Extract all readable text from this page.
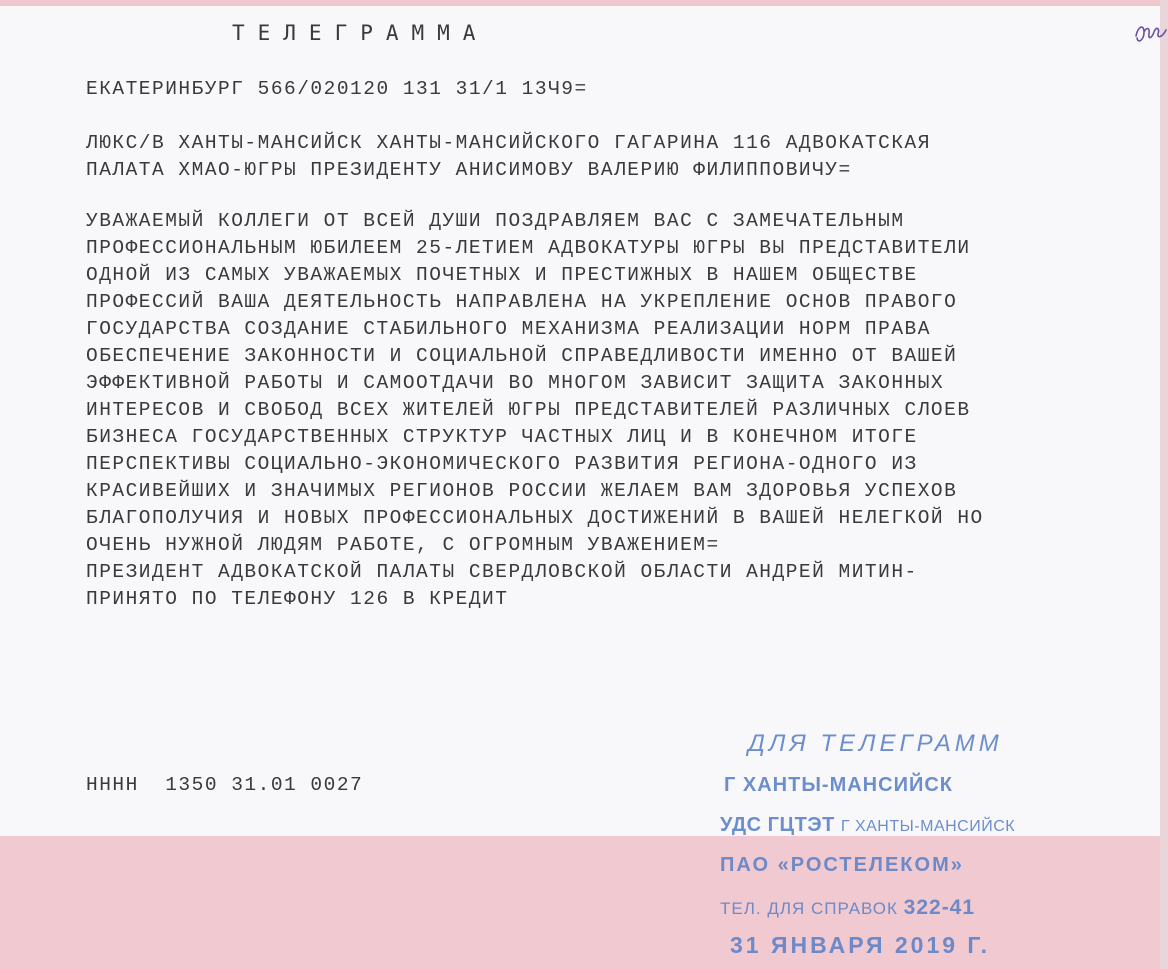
ТЕЛЕГРАММА
ЕКАТЕРИНБУРГ 566/020120 131 31/1 13Ч9=
ЛЮКС/В ХАНТЫ-МАНСИЙСК ХАНТЫ-МАНСИЙСКОГО ГАГАРИНА 116 АДВОКАТСКАЯ
ПАЛАТА ХМАО-ЮГРЫ ПРЕЗИДЕНТУ АНИСИМОВУ ВАЛЕРИЮ ФИЛИППОВИЧУ=
УВАЖАЕМЫЙ КОЛЛЕГИ ОТ ВСЕЙ ДУШИ ПОЗДРАВЛЯЕМ ВАС С ЗАМЕЧАТЕЛЬНЫМ
ПРОФЕССИОНАЛЬНЫМ ЮБИЛЕЕМ 25-ЛЕТИЕМ АДВОКАТУРЫ ЮГРЫ ВЫ ПРЕДСТАВИТЕЛИ
ОДНОЙ ИЗ САМЫХ УВАЖАЕМЫХ ПОЧЕТНЫХ И ПРЕСТИЖНЫХ В НАШЕМ ОБЩЕСТВЕ
ПРОФЕССИЙ ВАША ДЕЯТЕЛЬНОСТЬ НАПРАВЛЕНА НА УКРЕПЛЕНИЕ ОСНОВ ПРАВОГО
ГОСУДАРСТВА СОЗДАНИЕ СТАБИЛЬНОГО МЕХАНИЗМА РЕАЛИЗАЦИИ НОРМ ПРАВА
ОБЕСПЕЧЕНИЕ ЗАКОННОСТИ И СОЦИАЛЬНОЙ СПРАВЕДЛИВОСТИ ИМЕННО ОТ ВАШЕЙ
ЭФФЕКТИВНОЙ РАБОТЫ И САМООТДАЧИ ВО МНОГОМ ЗАВИСИТ ЗАЩИТА ЗАКОННЫХ
ИНТЕРЕСОВ И СВОБОД ВСЕХ ЖИТЕЛЕЙ ЮГРЫ ПРЕДСТАВИТЕЛЕЙ РАЗЛИЧНЫХ СЛОЕВ
БИЗНЕСА ГОСУДАРСТВЕННЫХ СТРУКТУР ЧАСТНЫХ ЛИЦ И В КОНЕЧНОМ ИТОГЕ
ПЕРСПЕКТИВЫ СОЦИАЛЬНО-ЭКОНОМИЧЕСКОГО РАЗВИТИЯ РЕГИОНА-ОДНОГО ИЗ
КРАСИВЕЙШИХ И ЗНАЧИМЫХ РЕГИОНОВ РОССИИ ЖЕЛАЕМ ВАМ ЗДОРОВЬЯ УСПЕХОВ
БЛАГОПОЛУЧИЯ И НОВЫХ ПРОФЕССИОНАЛЬНЫХ ДОСТИЖЕНИЙ В ВАШЕЙ НЕЛЕГКОЙ НО
ОЧЕНЬ НУЖНОЙ ЛЮДЯМ РАБОТЕ, С ОГРОМНЫМ УВАЖЕНИЕМ=
ПРЕЗИДЕНТ АДВОКАТСКОЙ ПАЛАТЫ СВЕРДЛОВСКОЙ ОБЛАСТИ АНДРЕЙ МИТИН-
ПРИНЯТО ПО ТЕЛЕФОНУ 126 В КРЕДИТ
НННН  1350 31.01 0027
ДЛЯ ТЕЛЕГРАММ
Г ХАНТЫ-МАНСИЙСК
УДС ГЦТЭТ Г ХАНТЫ-МАНСИЙСК
ПАО «РОСТЕЛЕКОМ»
ТЕЛ. ДЛЯ СПРАВОК 322-41
31 ЯНВАРЯ 2019 Г.
